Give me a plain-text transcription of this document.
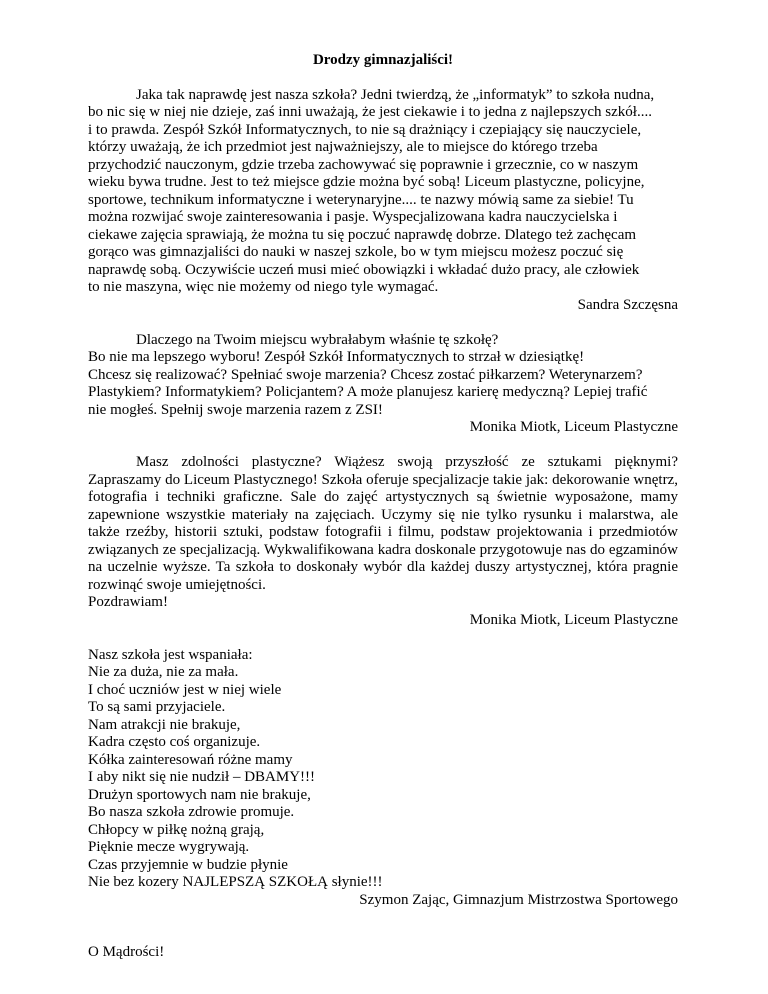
Drodzy gimnazjaliści!

Jaka tak naprawdę jest nasza szkoła? Jedni twierdzą, że „informatyk” to szkoła nudna,
bo nic się w niej nie dzieje, zaś inni uważają, że jest ciekawie i to jedna z najlepszych szkół....
i to prawda. Zespół Szkół Informatycznych, to nie są drażniący i czepiający się nauczyciele,
którzy uważają, że ich przedmiot jest najważniejszy, ale to miejsce do którego trzeba
przychodzić nauczonym, gdzie trzeba zachowywać się poprawnie i grzecznie, co w naszym
wieku bywa trudne. Jest to też miejsce gdzie można być sobą! Liceum plastyczne, policyjne,
sportowe, technikum informatyczne i weterynaryjne.... te nazwy mówią same za siebie! Tu
można rozwijać swoje zainteresowania i pasje. Wyspecjalizowana kadra nauczycielska i
ciekawe zajęcia sprawiają, że można tu się poczuć naprawdę dobrze. Dlatego też zachęcam
gorąco was gimnazjaliści do nauki w naszej szkole, bo w tym miejscu możesz poczuć się
naprawdę sobą. Oczywiście uczeń musi mieć obowiązki i wkładać dużo pracy, ale człowiek
to nie maszyna, więc nie możemy od niego tyle wymagać.

Sandra Szczęsna

Dlaczego na Twoim miejscu wybrałabym właśnie tę szkołę?
Bo nie ma lepszego wyboru! Zespół Szkół Informatycznych to strzał w dziesiątkę!
Chcesz się realizować? Spełniać swoje marzenia? Chcesz zostać piłkarzem? Weterynarzem?
Plastykiem? Informatykiem? Policjantem? A może planujesz karierę medyczną? Lepiej trafić
nie mogłeś. Spełnij swoje marzenia razem z ZSI!

Monika Miotk, Liceum Plastyczne

Masz zdolności plastyczne? Wiążesz swoją przyszłość ze sztukami pięknymi? Zapraszamy do Liceum Plastycznego! Szkoła oferuje specjalizacje takie jak: dekorowanie wnętrz, fotografia i techniki graficzne. Sale do zajęć artystycznych są świetnie wyposażone, mamy zapewnione wszystkie materiały na zajęciach. Uczymy się nie tylko rysunku i malarstwa, ale także rzeźby, historii sztuki, podstaw fotografii i filmu, podstaw projektowania i przedmiotów związanych ze specjalizacją. Wykwalifikowana kadra doskonale przygotowuje nas do egzaminów na uczelnie wyższe. Ta szkoła to doskonały wybór dla każdej duszy artystycznej, która pragnie rozwinąć swoje umiejętności.

Pozdrawiam!

Monika Miotk, Liceum Plastyczne

Nasz szkoła jest wspaniała:
Nie za duża, nie za mała.
I choć uczniów jest w niej wiele
To są sami przyjaciele.
Nam atrakcji nie brakuje,
Kadra często coś organizuje.
Kółka zainteresowań różne mamy
I aby nikt się nie nudził – DBAMY!!!
Drużyn sportowych nam nie brakuje,
Bo nasza szkoła zdrowie promuje.
Chłopcy w piłkę nożną grają,
Pięknie mecze wygrywają.
Czas przyjemnie w budzie płynie
Nie bez kozery NAJLEPSZĄ SZKOŁĄ słynie!!!

Szymon Zając, Gimnazjum Mistrzostwa Sportowego

O Mądrości!
